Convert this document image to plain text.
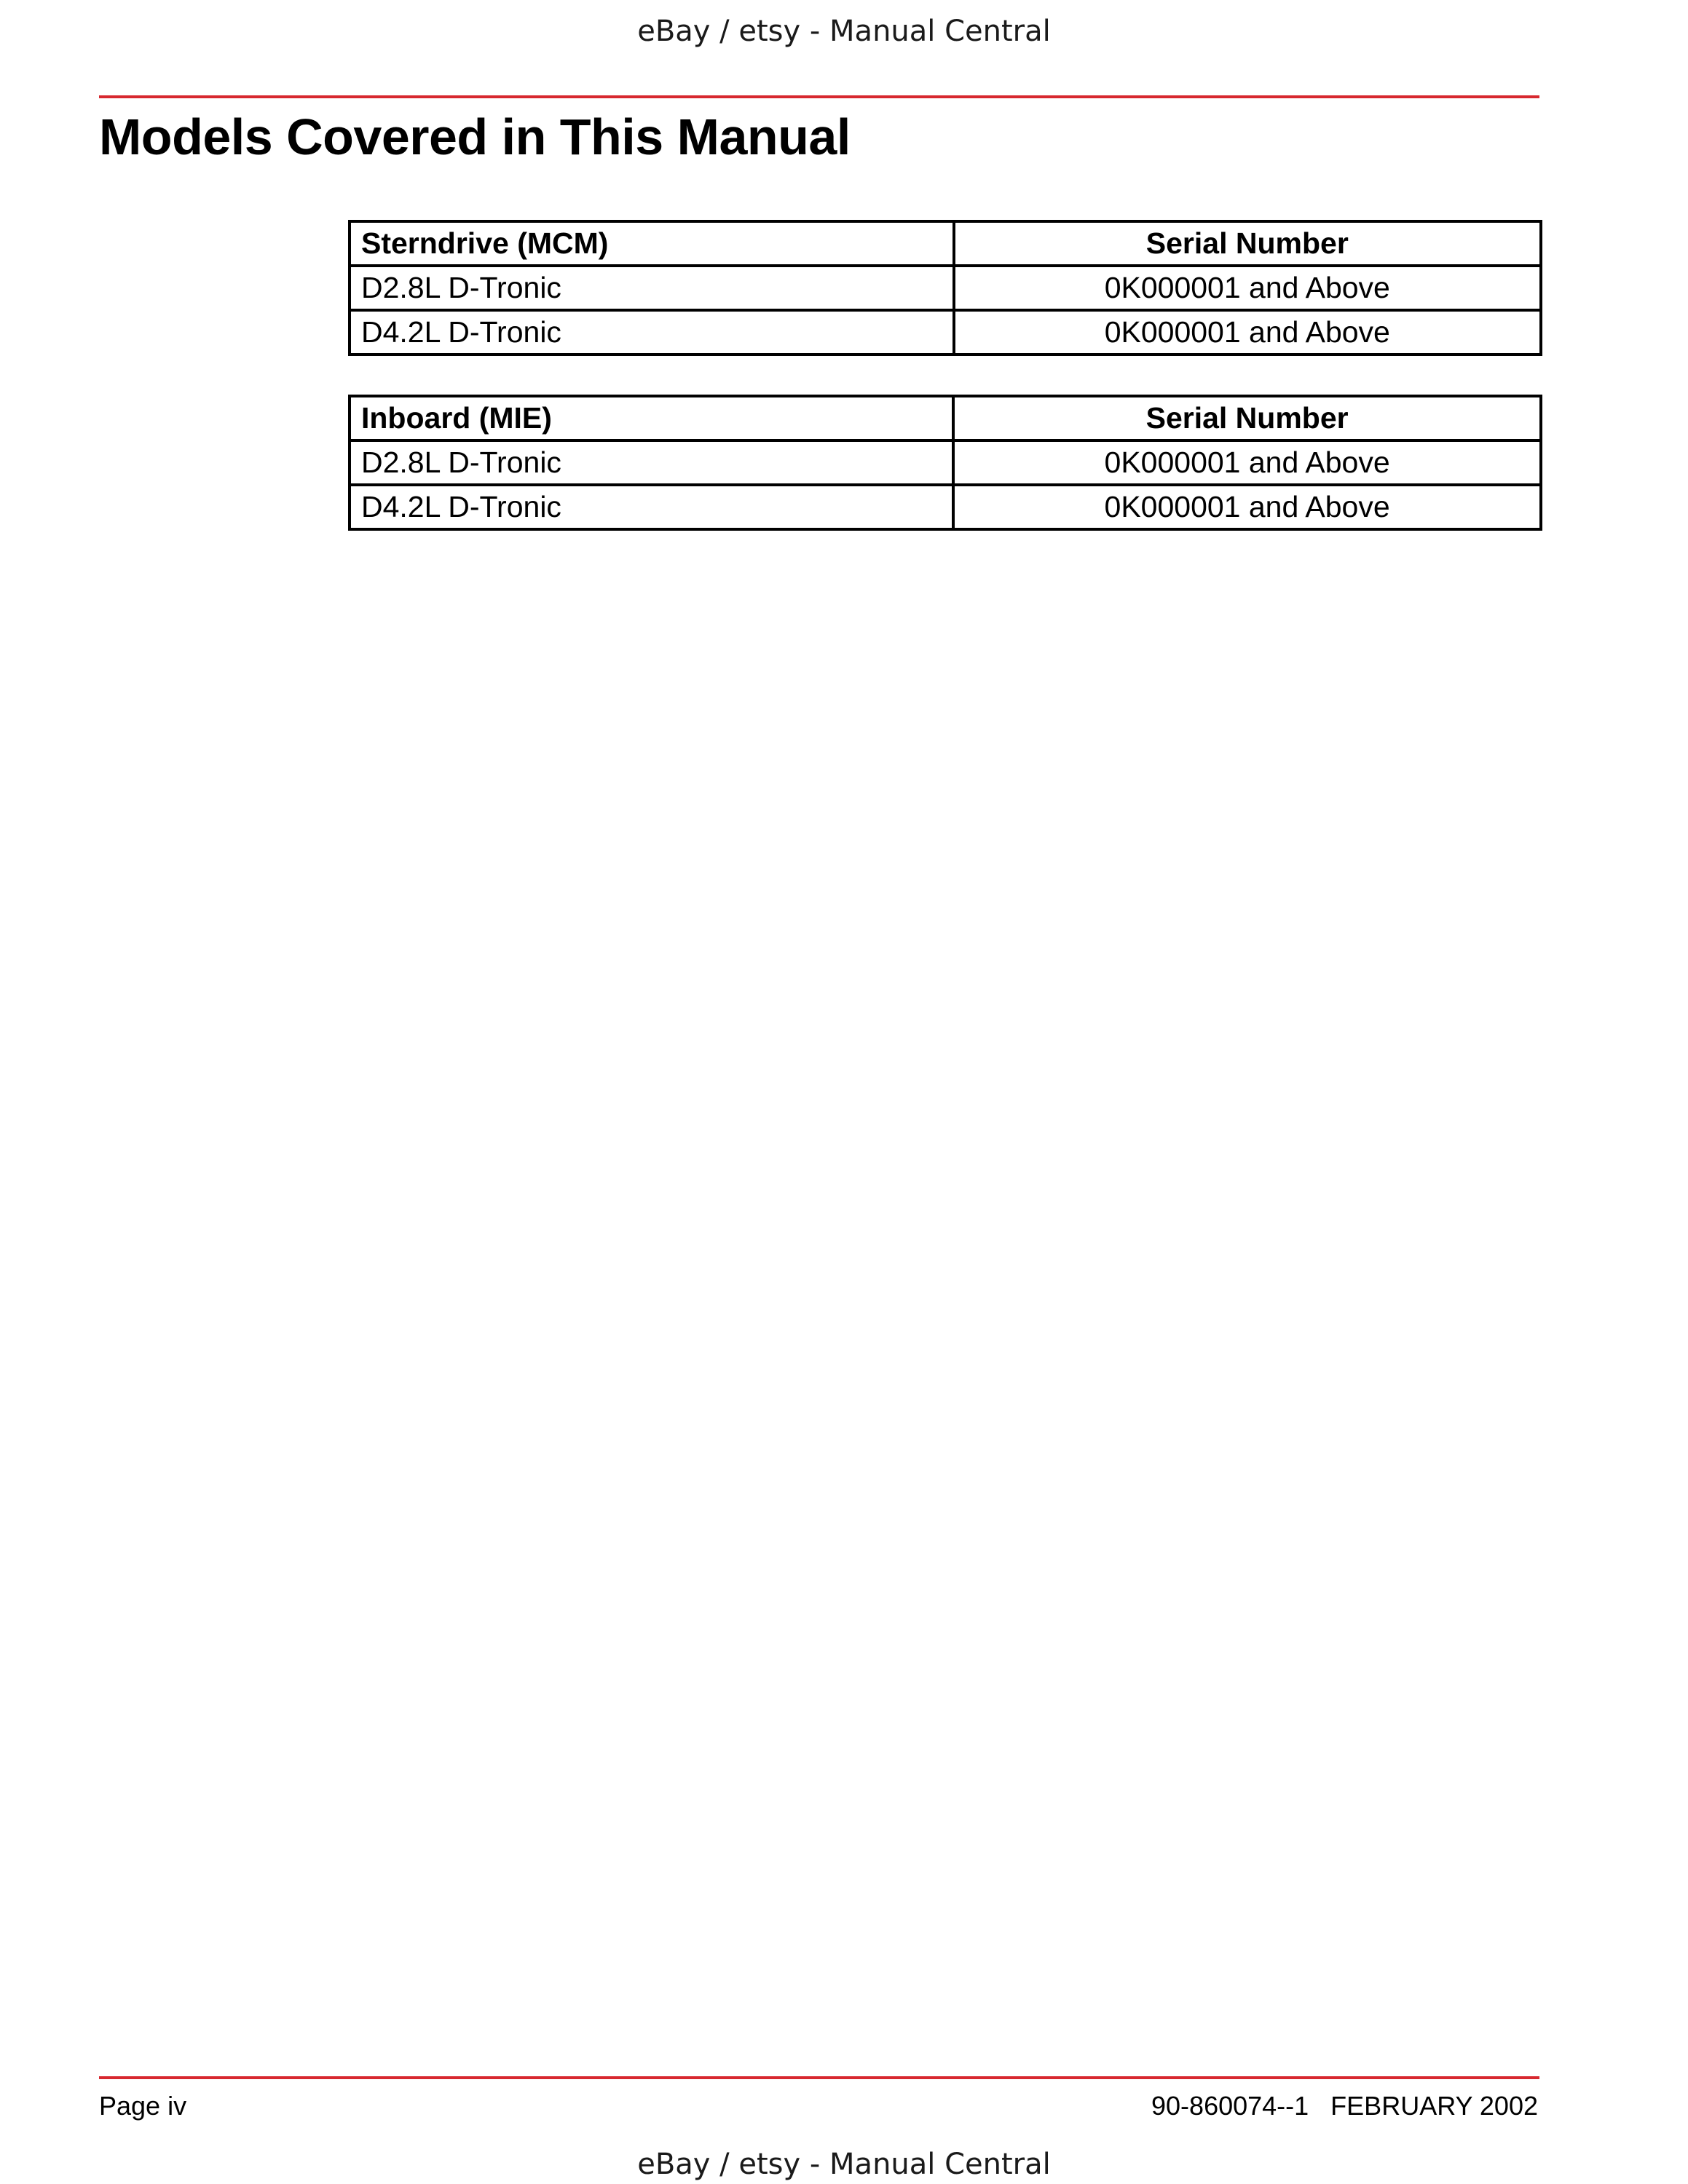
eBay / etsy - Manual Central
Models Covered in This Manual
Sterndrive (MCM)	Serial Number
D2.8L D-Tronic	0K000001 and Above
D4.2L D-Tronic	0K000001 and Above
Inboard (MIE)	Serial Number
D2.8L D-Tronic	0K000001 and Above
D4.2L D-Tronic	0K000001 and Above
Page iv	90-860074--1   FEBRUARY 2002
eBay / etsy - Manual Central
